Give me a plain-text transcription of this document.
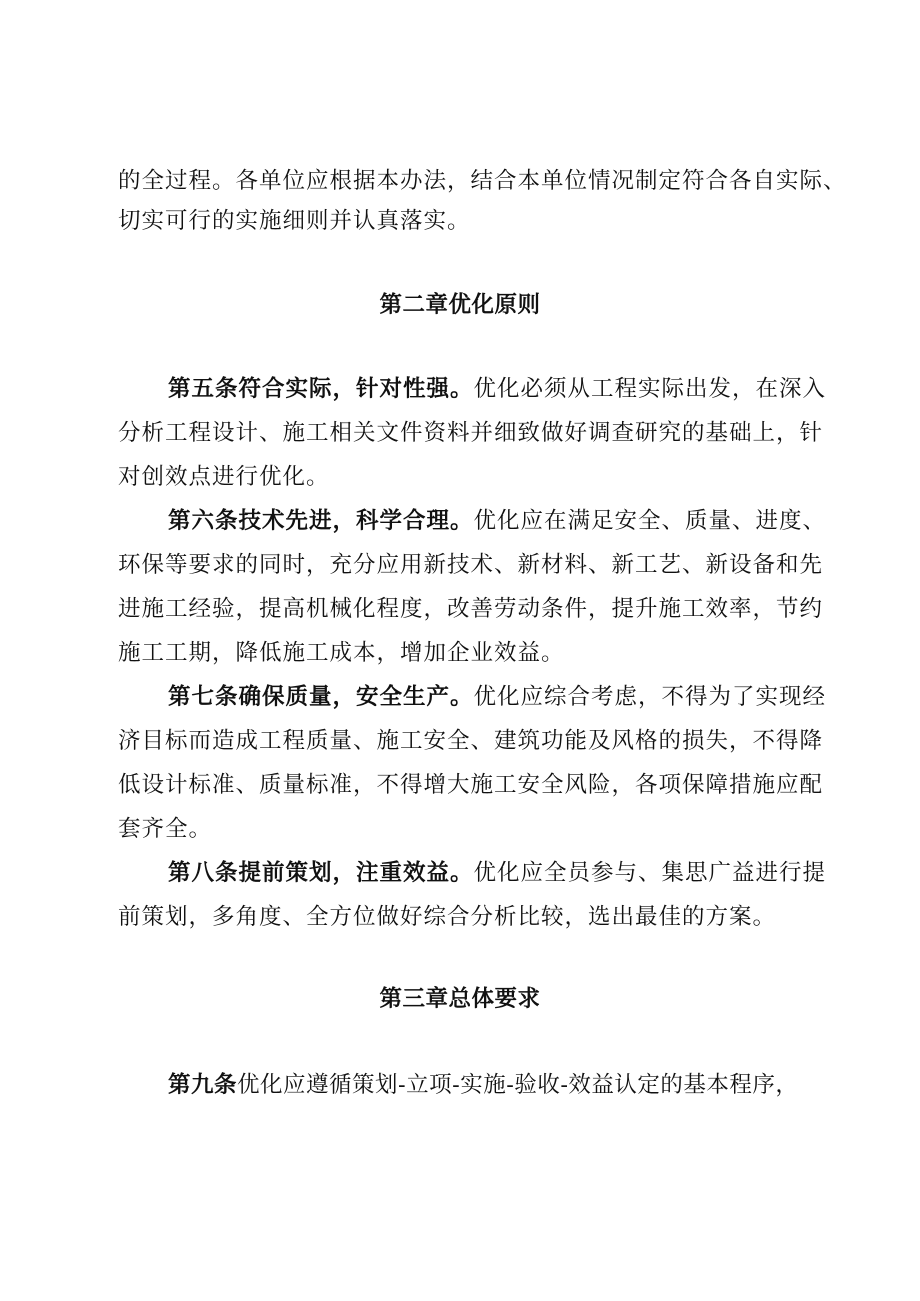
的全过程。各单位应根据本办法，结合本单位情况制定符合各自实际、
切实可行的实施细则并认真落实。
第二章优化原则
第五条符合实际，针对性强。优化必须从工程实际出发，在深入
分析工程设计、施工相关文件资料并细致做好调查研究的基础上，针
对创效点进行优化。
第六条技术先进，科学合理。优化应在满足安全、质量、进度、
环保等要求的同时，充分应用新技术、新材料、新工艺、新设备和先
进施工经验，提高机械化程度，改善劳动条件，提升施工效率，节约
施工工期，降低施工成本，增加企业效益。
第七条确保质量，安全生产。优化应综合考虑，不得为了实现经
济目标而造成工程质量、施工安全、建筑功能及风格的损失，不得降
低设计标准、质量标准，不得增大施工安全风险，各项保障措施应配
套齐全。
第八条提前策划，注重效益。优化应全员参与、集思广益进行提
前策划，多角度、全方位做好综合分析比较，选出最佳的方案。
第三章总体要求
第九条优化应遵循策划-立项-实施-验收-效益认定的基本程序，
